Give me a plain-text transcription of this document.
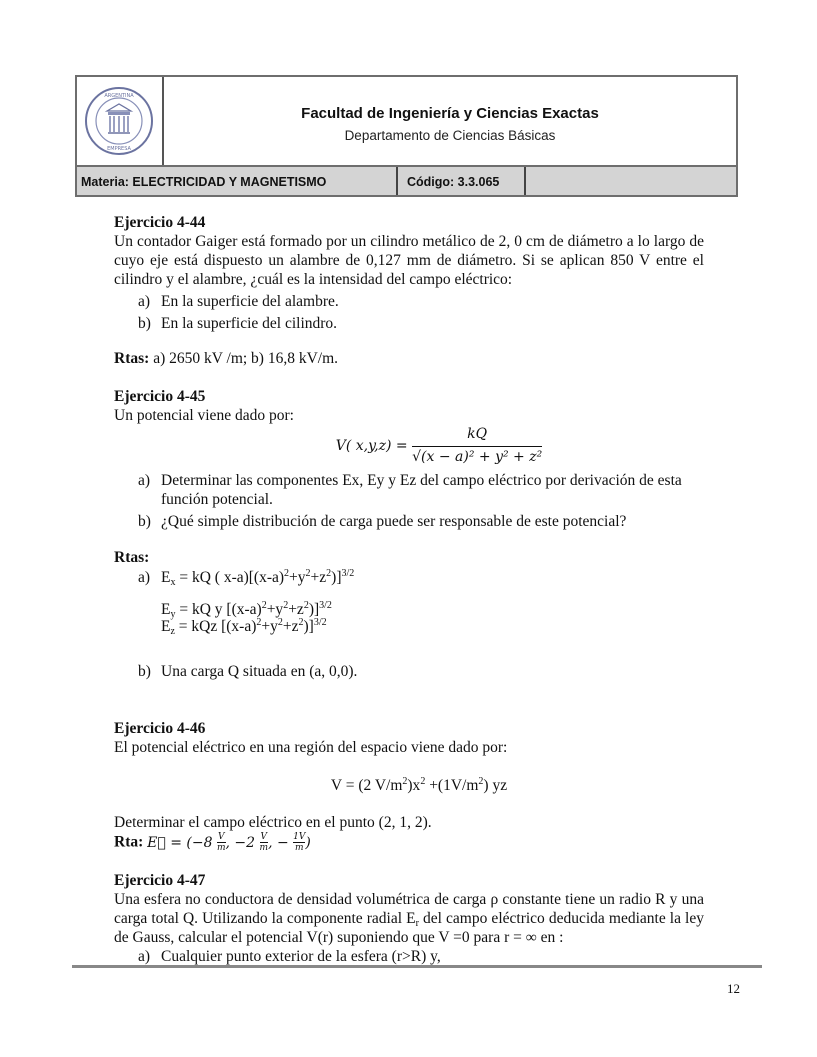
ARGENTINA
EMPRESA
Facultad de Ingeniería y Ciencias Exactas
Departamento de Ciencias Básicas
Materia: ELECTRICIDAD Y MAGNETISMO	Código: 3.3.065
Ejercicio 4-44
Un contador Gaiger está formado por un cilindro metálico de 2, 0 cm de diámetro a lo largo de cuyo eje está dispuesto un alambre de 0,127 mm de diámetro. Si se aplican 850 V entre el cilindro y el alambre, ¿cuál es la intensidad del campo eléctrico:
a) En la superficie del alambre.
b) En la superficie del cilindro.
Rtas: a) 2650 kV /m; b) 16,8 kV/m.
Ejercicio 4-45
Un potencial viene dado por:
V( $x,y,z) = \frac{kQ}{\text{√(x − a)² + y² + z²}}$
a) Determinar las componentes Ex, Ey y Ez del campo eléctrico por derivación de esta función potencial.
b) ¿Qué simple distribución de carga puede ser responsable de este potencial?
Rtas:
a) $E_x$ = kQ ( $x-a)[(x-a)^2+y^2+z^2)]^{3/2}$
$E_y$ = kQ y $[(x-a)^2+y^2+z^2)]^{3/2}$
$E_z$ = kQz $[(x-a)^2+y^2+z^2)]^{3/2}$
b) Una carga Q situada en (a, 0,0).
Ejercicio 4-46
El potencial eléctrico en una región del espacio viene dado por:
V = (2 $V/m^2)x^2 +(1V/m^2)$ yz
Determinar el campo eléctrico en el punto (2, 1, 2).
Rta: E⃗ = ($-8 \frac{V}{m}$, $-2 \frac{V}{m}$, − $\frac{1V}{m}$)
Ejercicio 4-47
Una esfera no conductora de densidad volumétrica de carga ρ constante tiene un radio R y una carga total Q. Utilizando la componente radial $E_r$ del campo eléctrico deducida mediante la ley de Gauss, calcular el potencial V(r) suponiendo que V =0 para r = ∞ en :
a) Cualquier punto exterior de la esfera (r>R) y,
12
